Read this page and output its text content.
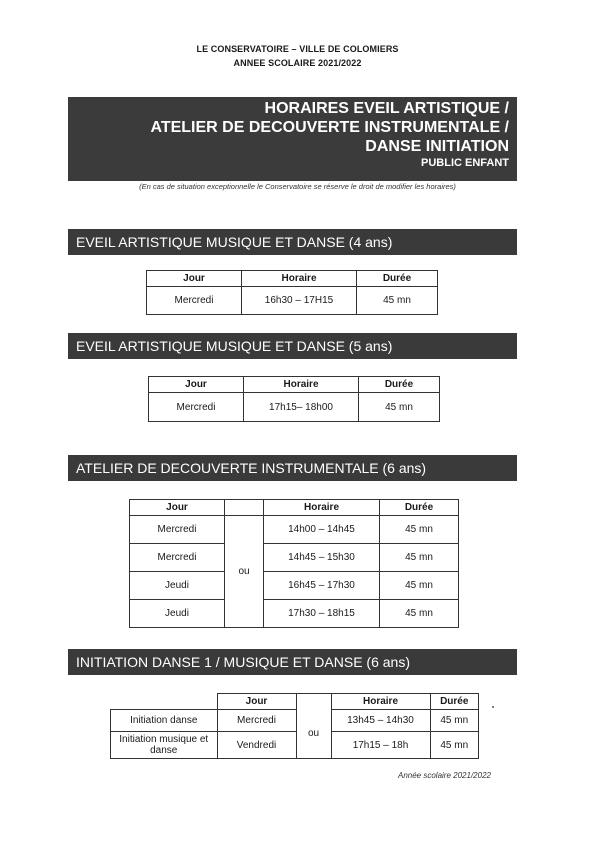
LE CONSERVATOIRE – VILLE DE COLOMIERS
ANNEE SCOLAIRE 2021/2022
HORAIRES EVEIL ARTISTIQUE /
ATELIER DE DECOUVERTE INSTRUMENTALE /
DANSE INITIATION
PUBLIC ENFANT
(En cas de situation exceptionnelle le Conservatoire se réserve le droit de modifier les horaires)
EVEIL ARTISTIQUE MUSIQUE ET DANSE (4 ans)
Jour	Horaire	Durée
Mercredi	16h30 – 17H15	45 mn
EVEIL ARTISTIQUE MUSIQUE ET DANSE (5 ans)
Jour	Horaire	Durée
Mercredi	17h15– 18h00	45 mn
ATELIER DE DECOUVERTE INSTRUMENTALE (6 ans)
Jour		Horaire	Durée
Mercredi	ou	14h00 – 14h45	45 mn
Mercredi		14h45 – 15h30	45 mn
Jeudi		16h45 – 17h30	45 mn
Jeudi		17h30 – 18h15	45 mn
INITIATION DANSE 1 / MUSIQUE ET DANSE (6 ans)
	Jour		Horaire	Durée
Initiation danse	Mercredi	ou	13h45 – 14h30	45 mn
Initiation musique et danse	Vendredi		17h15 – 18h	45 mn
Année scolaire 2021/2022
